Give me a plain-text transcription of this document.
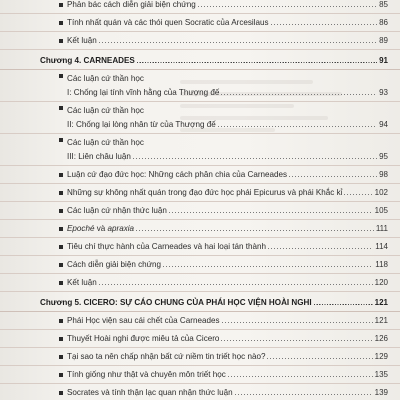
Phản bác cách diễn giải biện chứng	85
Tính nhất quán và các thói quen Socratic của Arcesilaus	86
Kết luận	89
Chương 4. CARNEADES	91
Các luận cứ thần học
I: Chống lại tính vĩnh hằng của Thượng đế	93
Các luận cứ thần học
II: Chống lại lòng nhân từ của Thượng đế	94
Các luận cứ thần học
III: Liên châu luận	95
Luận cứ đạo đức học: Những cách phân chia của Carneades	98
Những sự không nhất quán trong đạo đức học phái Epicurus và phái Khắc kỉ	102
Các luận cứ nhận thức luận	105
Epoché và apraxia	111
Tiêu chí thực hành của Carneades và hai loại tán thành	114
Cách diễn giải biện chứng	118
Kết luận	120
Chương 5. CICERO: SỰ CÁO CHUNG CỦA PHÁI HỌC VIỆN HOÀI NGHI	121
Phái Học viện sau cái chết của Carneades	121
Thuyết Hoài nghi được miêu tả của Cicero	126
Tại sao ta nên chấp nhận bất cứ niềm tin triết học nào?	129
Tính giống như thật và chuyên môn triết học	135
Socrates và tính thận lạc quan nhận thức luận	139
